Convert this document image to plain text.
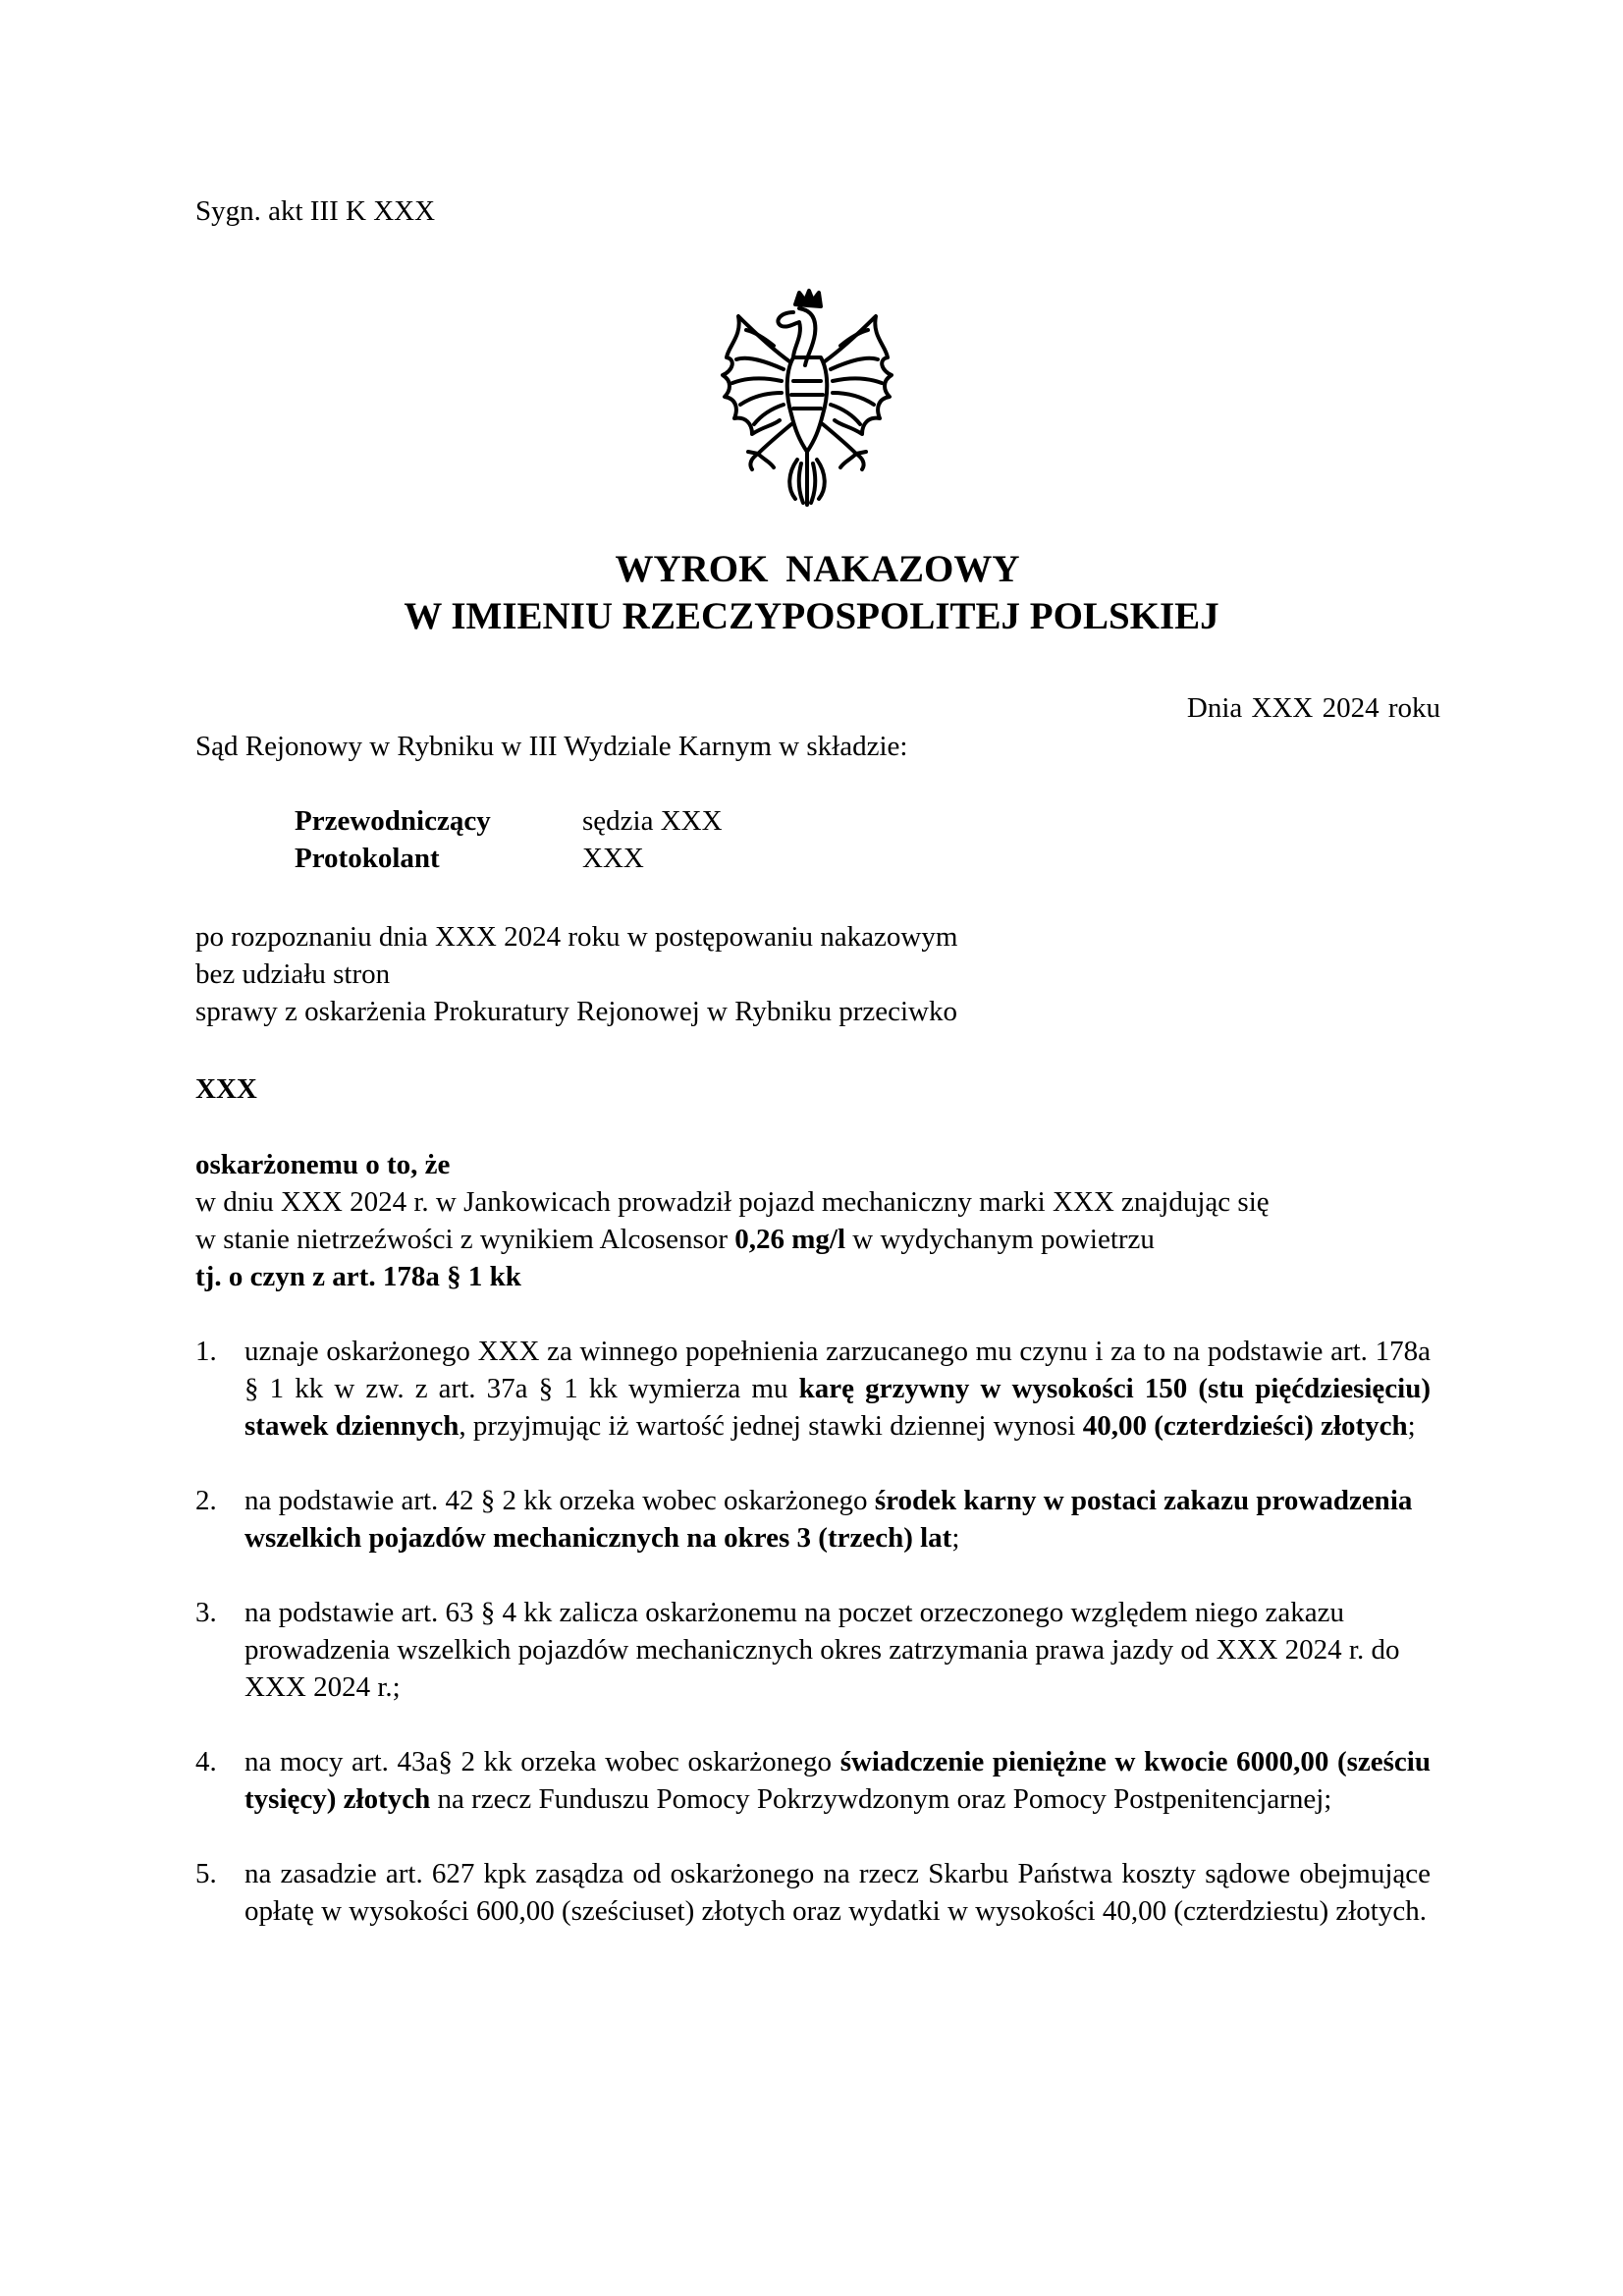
Sygn. akt III K XXX
WYROK NAKAZOWY
W IMIENIU RZECZYPOSPOLITEJ POLSKIEJ
Dnia XXX 2024 roku
Sąd Rejonowy w Rybniku w III Wydziale Karnym w składzie:
Przewodniczący	sędzia XXX
Protokolant	XXX
po rozpoznaniu dnia XXX 2024 roku w postępowaniu nakazowym
bez udziału stron
sprawy z oskarżenia Prokuratury Rejonowej w Rybniku przeciwko
XXX
oskarżonemu o to, że
w dniu XXX 2024 r. w Jankowicach prowadził pojazd mechaniczny marki XXX znajdując się
w stanie nietrzeźwości z wynikiem Alcosensor 0,26 mg/l w wydychanym powietrzu
tj. o czyn z art. 178a § 1 kk
1. uznaje oskarżonego XXX za winnego popełnienia zarzucanego mu czynu i za to na podstawie art. 178a § 1 kk w zw. z art. 37a § 1 kk wymierza mu karę grzywny w wysokości 150 (stu pięćdziesięciu) stawek dziennych, przyjmując iż wartość jednej stawki dziennej wynosi 40,00 (czterdzieści) złotych;
2. na podstawie art. 42 § 2 kk orzeka wobec oskarżonego środek karny w postaci zakazu prowadzenia wszelkich pojazdów mechanicznych na okres 3 (trzech) lat;
3. na podstawie art. 63 § 4 kk zalicza oskarżonemu na poczet orzeczonego względem niego zakazu prowadzenia wszelkich pojazdów mechanicznych okres zatrzymania prawa jazdy od XXX 2024 r. do XXX 2024 r.;
4. na mocy art. 43a§ 2 kk orzeka wobec oskarżonego świadczenie pieniężne w kwocie 6000,00 (sześciu tysięcy) złotych na rzecz Funduszu Pomocy Pokrzywdzonym oraz Pomocy Postpenitencjarnej;
5. na zasadzie art. 627 kpk zasądza od oskarżonego na rzecz Skarbu Państwa koszty sądowe obejmujące opłatę w wysokości 600,00 (sześciuset) złotych oraz wydatki w wysokości 40,00 (czterdziestu) złotych.
